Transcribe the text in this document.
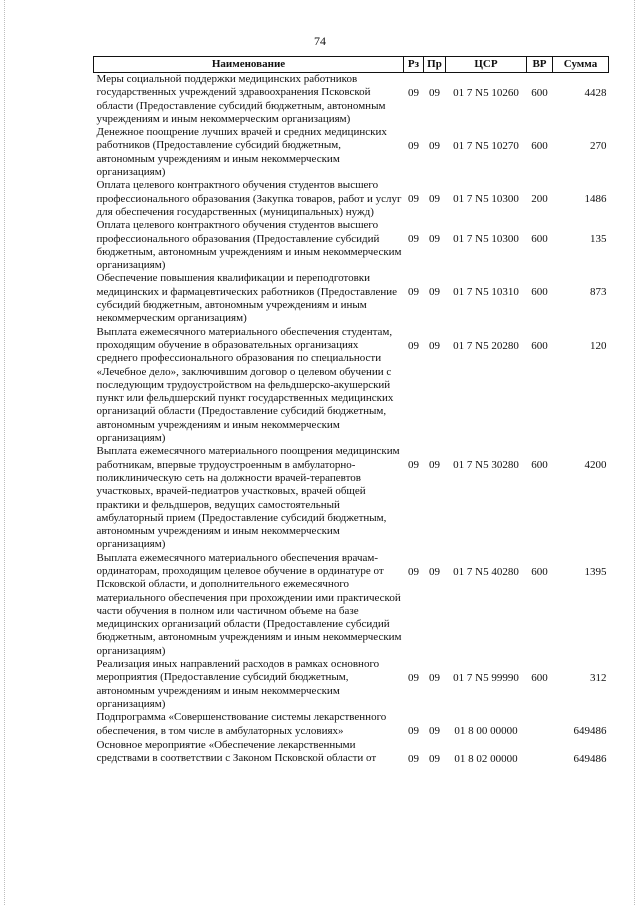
74
Наименование	Рз	Пр	ЦСР	ВР	Сумма
Меры социальной поддержки медицинских работников государственных учреждений здравоохранения Псковской области (Предоставление субсидий бюджетным, автономным учреждениям и иным некоммерческим организациям)	09	09	01 7 N5 10260	600	4428
Денежное поощрение лучших врачей и средних медицинских работников (Предоставление субсидий бюджетным, автономным учреждениям и иным некоммерческим организациям)	09	09	01 7 N5 10270	600	270
Оплата целевого контрактного обучения студентов высшего профессионального образования (Закупка товаров, работ и услуг для обеспечения государственных (муниципальных) нужд)	09	09	01 7 N5 10300	200	1486
Оплата целевого контрактного обучения студентов высшего профессионального образования (Предоставление субсидий бюджетным, автономным учреждениям и иным некоммерческим организациям)	09	09	01 7 N5 10300	600	135
Обеспечение повышения квалификации и переподготовки медицинских и фармацевтических работников (Предоставление субсидий бюджетным, автономным учреждениям и иным некоммерческим организациям)	09	09	01 7 N5 10310	600	873
Выплата ежемесячного материального обеспечения студентам, проходящим обучение в образовательных организациях среднего профессионального образования по специальности «Лечебное дело», заключившим договор о целевом обучении с последующим трудоустройством на фельдшерско-акушерский пункт или фельдшерский пункт государственных медицинских организаций области (Предоставление субсидий бюджетным, автономным учреждениям и иным некоммерческим организациям)	09	09	01 7 N5 20280	600	120
Выплата ежемесячного материального поощрения медицинским работникам, впервые трудоустроенным в амбулаторно-поликлиническую сеть на должности врачей-терапевтов участковых, врачей-педиатров участковых, врачей общей практики и фельдшеров, ведущих самостоятельный амбулаторный прием (Предоставление субсидий бюджетным, автономным учреждениям и иным некоммерческим организациям)	09	09	01 7 N5 30280	600	4200
Выплата ежемесячного материального обеспечения врачам-ординаторам, проходящим целевое обучение в ординатуре от Псковской области, и дополнительного ежемесячного материального обеспечения при прохождении ими практической части обучения в полном или частичном объеме на базе медицинских организаций области (Предоставление субсидий бюджетным, автономным учреждениям и иным некоммерческим организациям)	09	09	01 7 N5 40280	600	1395
Реализация иных направлений расходов в рамках основного мероприятия (Предоставление субсидий бюджетным, автономным учреждениям и иным некоммерческим организациям)	09	09	01 7 N5 99990	600	312
Подпрограмма «Совершенствование системы лекарственного обеспечения, в том числе в амбулаторных условиях»	09	09	01 8 00 00000		649486
Основное мероприятие «Обеспечение лекарственными средствами в соответствии с Законом Псковской области от	09	09	01 8 02 00000		649486
